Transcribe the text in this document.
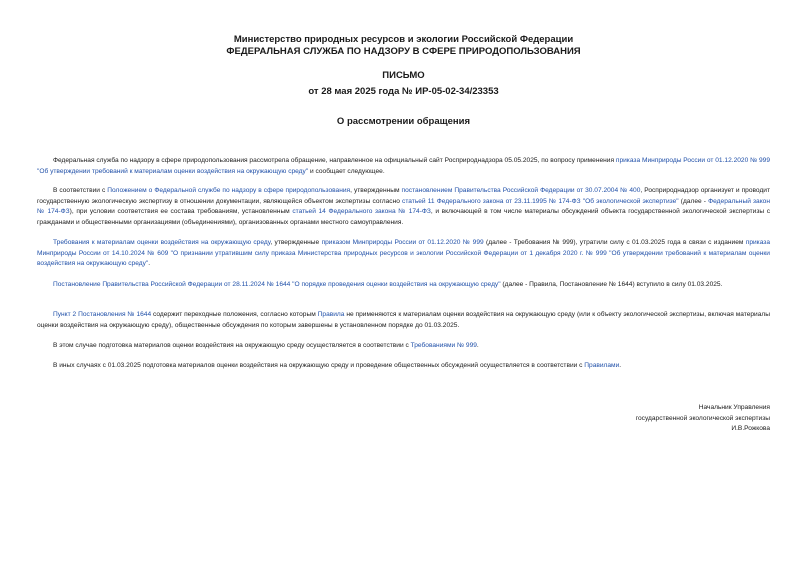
Министерство природных ресурсов и экологии Российской Федерации
ФЕДЕРАЛЬНАЯ СЛУЖБА ПО НАДЗОРУ В СФЕРЕ ПРИРОДОПОЛЬЗОВАНИЯ
ПИСЬМО
от 28 мая 2025 года № ИР-05-02-34/23353
О рассмотрении обращения

Федеральная служба по надзору в сфере природопользования рассмотрела обращение, направленное на официальный сайт Росприроднадзора 05.05.2025, по вопросу применения приказа Минприроды России от 01.12.2020 № 999 "Об утверждении требований к материалам оценки воздействия на окружающую среду" и сообщает следующее.

В соответствии с Положением о Федеральной службе по надзору в сфере природопользования, утвержденным постановлением Правительства Российской Федерации от 30.07.2004 № 400, Росприроднадзор организует и проводит государственную экологическую экспертизу в отношении документации, являющейся объектом экспертизы согласно статьей 11 Федерального закона от 23.11.1995 № 174-ФЗ "Об экологической экспертизе" (далее - Федеральный закон № 174-ФЗ), при условии соответствия ее состава требованиям, установленным статьей 14 Федерального закона № 174-ФЗ, и включающей в том числе материалы обсуждений объекта государственной экологической экспертизы с гражданами и общественными организациями (объединениями), организованных органами местного самоуправления.

Требования к материалам оценки воздействия на окружающую среду, утвержденные приказом Минприроды России от 01.12.2020 № 999 (далее - Требования № 999), утратили силу с 01.03.2025 года в связи с изданием приказа Минприроды России от 14.10.2024 № 609 "О признании утратившим силу приказа Министерства природных ресурсов и экологии Российской Федерации от 1 декабря 2020 г. № 999 "Об утверждении требований к материалам оценки воздействия на окружающую среду".

Постановление Правительства Российской Федерации от 28.11.2024 № 1644 "О порядке проведения оценки воздействия на окружающую среду" (далее - Правила, Постановление № 1644) вступило в силу 01.03.2025.

Пункт 2 Постановления № 1644 содержит переходные положения, согласно которым Правила не применяются к материалам оценки воздействия на окружающую среду (или к объекту экологической экспертизы, включая материалы оценки воздействия на окружающую среду), общественные обсуждения по которым завершены в установленном порядке до 01.03.2025.

В этом случае подготовка материалов оценки воздействия на окружающую среду осуществляется в соответствии с Требованиями № 999.

В иных случаях с 01.03.2025 подготовка материалов оценки воздействия на окружающую среду и проведение общественных обсуждений осуществляется в соответствии с Правилами.

Начальник Управления
государственной экологической экспертизы
И.В.Рожкова
